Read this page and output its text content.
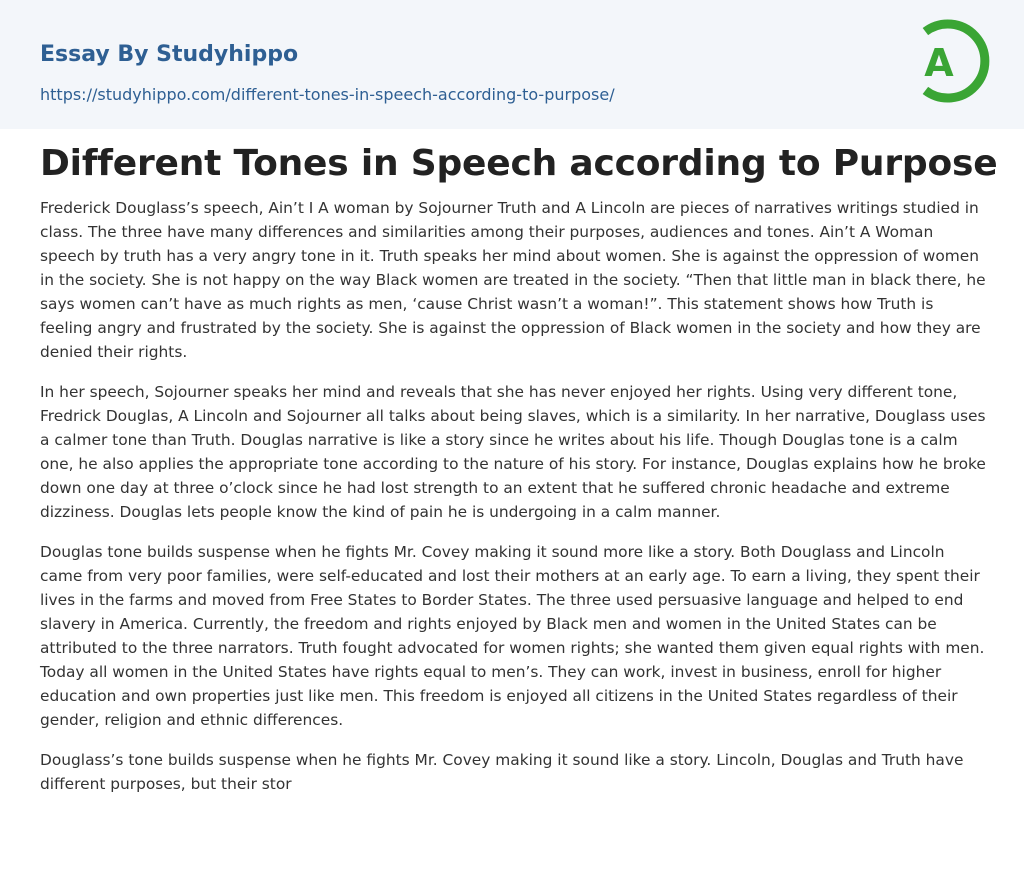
Essay By Studyhippo
https://studyhippo.com/different-tones-in-speech-according-to-purpose/
A
Different Tones in Speech according to Purpose

Frederick Douglass’s speech, Ain’t I A woman by Sojourner Truth and A Lincoln are pieces of narratives writings studied in class. The three have many differences and similarities among their purposes, audiences and tones. Ain’t A Woman speech by truth has a very angry tone in it. Truth speaks her mind about women. She is against the oppression of women in the society. She is not happy on the way Black women are treated in the society. “Then that little man in black there, he says women can’t have as much rights as men, ‘cause Christ wasn’t a woman!”. This statement shows how Truth is feeling angry and frustrated by the society. She is against the oppression of Black women in the society and how they are denied their rights.

In her speech, Sojourner speaks her mind and reveals that she has never enjoyed her rights. Using very different tone, Fredrick Douglas, A Lincoln and Sojourner all talks about being slaves, which is a similarity. In her narrative, Douglass uses a calmer tone than Truth. Douglas narrative is like a story since he writes about his life. Though Douglas tone is a calm one, he also applies the appropriate tone according to the nature of his story. For instance, Douglas explains how he broke down one day at three o’clock since he had lost strength to an extent that he suffered chronic headache and extreme dizziness. Douglas lets people know the kind of pain he is undergoing in a calm manner.

Douglas tone builds suspense when he fights Mr. Covey making it sound more like a story. Both Douglass and Lincoln came from very poor families, were self-educated and lost their mothers at an early age. To earn a living, they spent their lives in the farms and moved from Free States to Border States. The three used persuasive language and helped to end slavery in America. Currently, the freedom and rights enjoyed by Black men and women in the United States can be attributed to the three narrators. Truth fought advocated for women rights; she wanted them given equal rights with men. Today all women in the United States have rights equal to men’s. They can work, invest in business, enroll for higher education and own properties just like men. This freedom is enjoyed all citizens in the United States regardless of their gender, religion and ethnic differences.

Douglass’s tone builds suspense when he fights Mr. Covey making it sound like a story. Lincoln, Douglas and Truth have different purposes, but their stor
